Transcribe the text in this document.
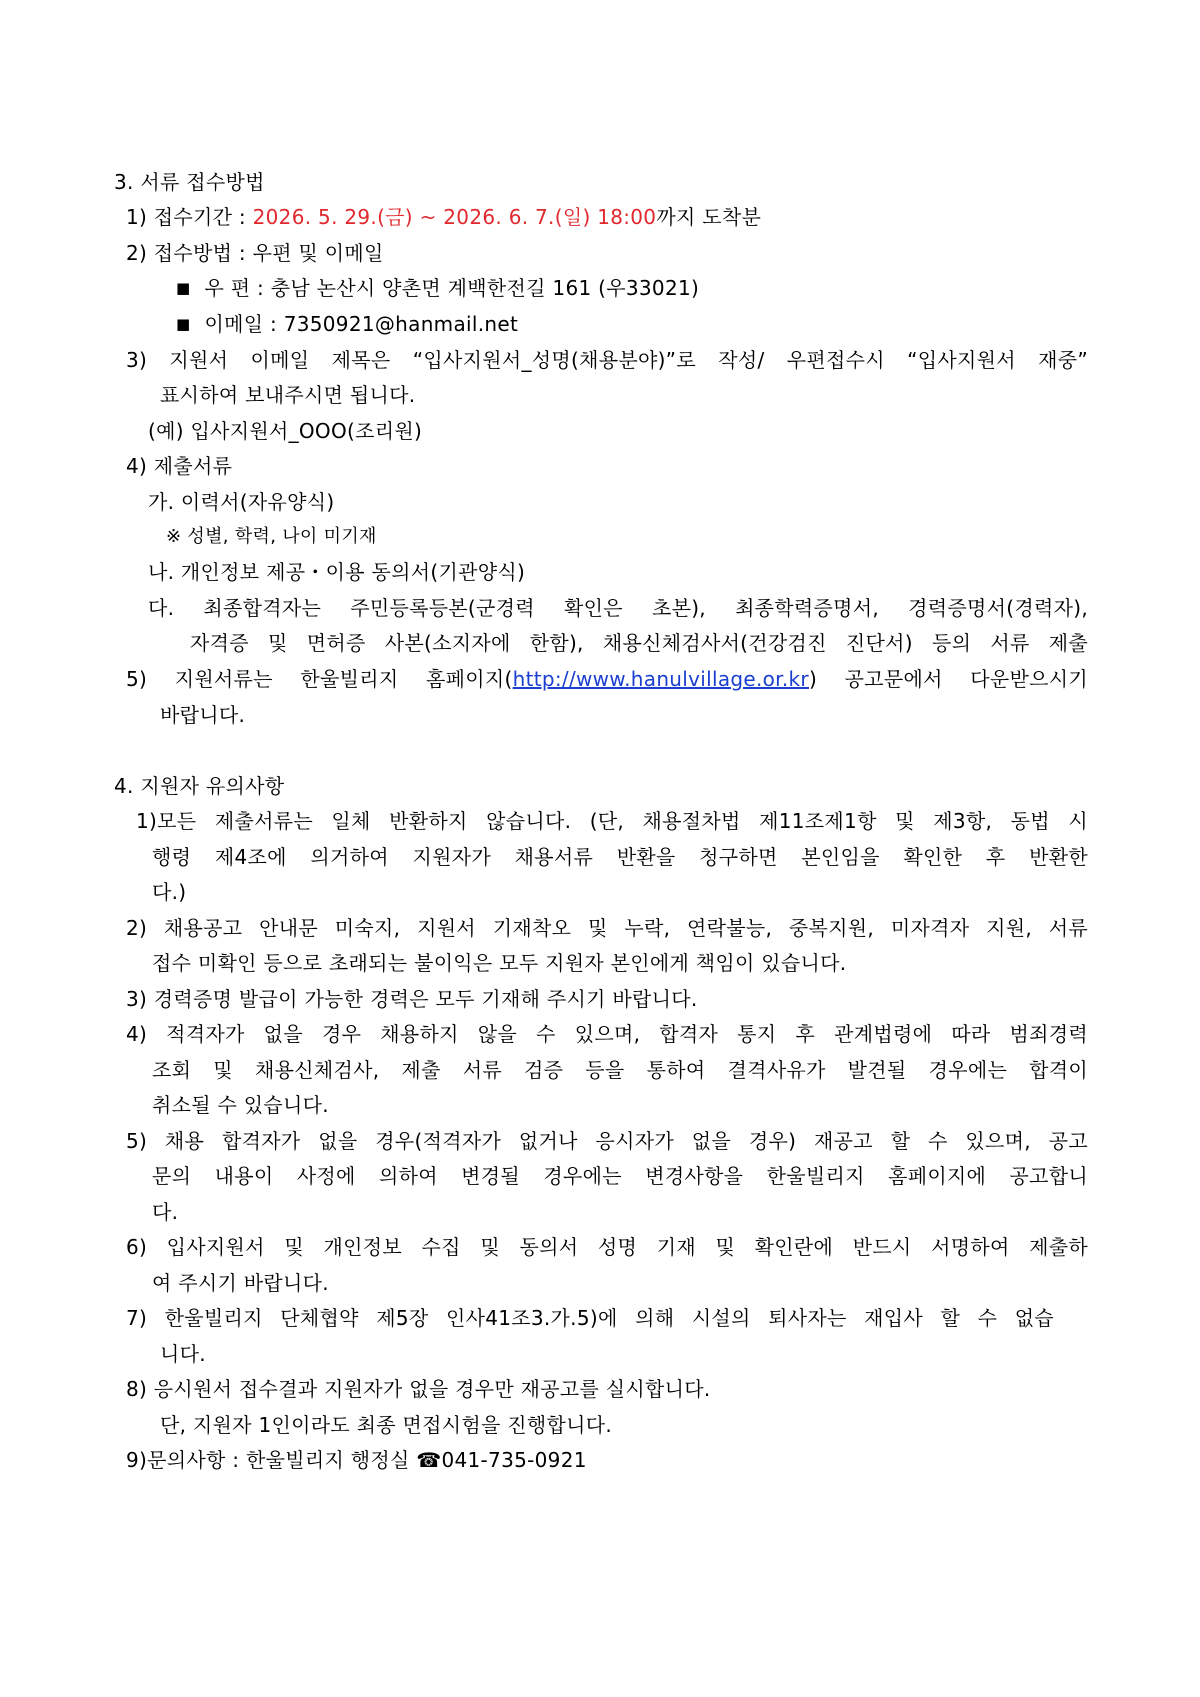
3. 서류 접수방법
1) 접수기간 : 2026. 5. 29.(금) ~ 2026. 6. 7.(일) 18:00까지 도착분
2) 접수방법 : 우편 및 이메일
■ 우 편 : 충남 논산시 양촌면 계백한전길 161 (우33021)
■ 이메일 : 7350921@hanmail.net
3) 지원서 이메일 제목은 “입사지원서_성명(채용분야)”로 작성/ 우편접수시 “입사지원서 재중”
표시하여 보내주시면 됩니다.
(예) 입사지원서_OOO(조리원)
4) 제출서류
가. 이력서(자유양식)
※ 성별, 학력, 나이 미기재
나. 개인정보 제공・이용 동의서(기관양식)
다. 최종합격자는 주민등록등본(군경력 확인은 초본), 최종학력증명서, 경력증명서(경력자),
자격증 및 면허증 사본(소지자에 한함), 채용신체검사서(건강검진 진단서) 등의 서류 제출
5) 지원서류는 한울빌리지 홈페이지(http://www.hanulvillage.or.kr) 공고문에서 다운받으시기
바랍니다.
4. 지원자 유의사항
1)모든 제출서류는 일체 반환하지 않습니다. (단, 채용절차법 제11조제1항 및 제3항, 동법 시
행령 제4조에 의거하여 지원자가 채용서류 반환을 청구하면 본인임을 확인한 후 반환한
다.)
2) 채용공고 안내문 미숙지, 지원서 기재착오 및 누락, 연락불능, 중복지원, 미자격자 지원, 서류
접수 미확인 등으로 초래되는 불이익은 모두 지원자 본인에게 책임이 있습니다.
3) 경력증명 발급이 가능한 경력은 모두 기재해 주시기 바랍니다.
4) 적격자가 없을 경우 채용하지 않을 수 있으며, 합격자 통지 후 관계법령에 따라 범죄경력
조회 및 채용신체검사, 제출 서류 검증 등을 통하여 결격사유가 발견될 경우에는 합격이
취소될 수 있습니다.
5) 채용 합격자가 없을 경우(적격자가 없거나 응시자가 없을 경우) 재공고 할 수 있으며, 공고
문의 내용이 사정에 의하여 변경될 경우에는 변경사항을 한울빌리지 홈페이지에 공고합니
다.
6) 입사지원서 및 개인정보 수집 및 동의서 성명 기재 및 확인란에 반드시 서명하여 제출하
여 주시기 바랍니다.
7) 한울빌리지 단체협약 제5장 인사41조3.가.5)에 의해 시설의 퇴사자는 재입사 할 수 없습
니다.
8) 응시원서 접수결과 지원자가 없을 경우만 재공고를 실시합니다.
단, 지원자 1인이라도 최종 면접시험을 진행합니다.
9)문의사항 : 한울빌리지 행정실 ☎041-735-0921
